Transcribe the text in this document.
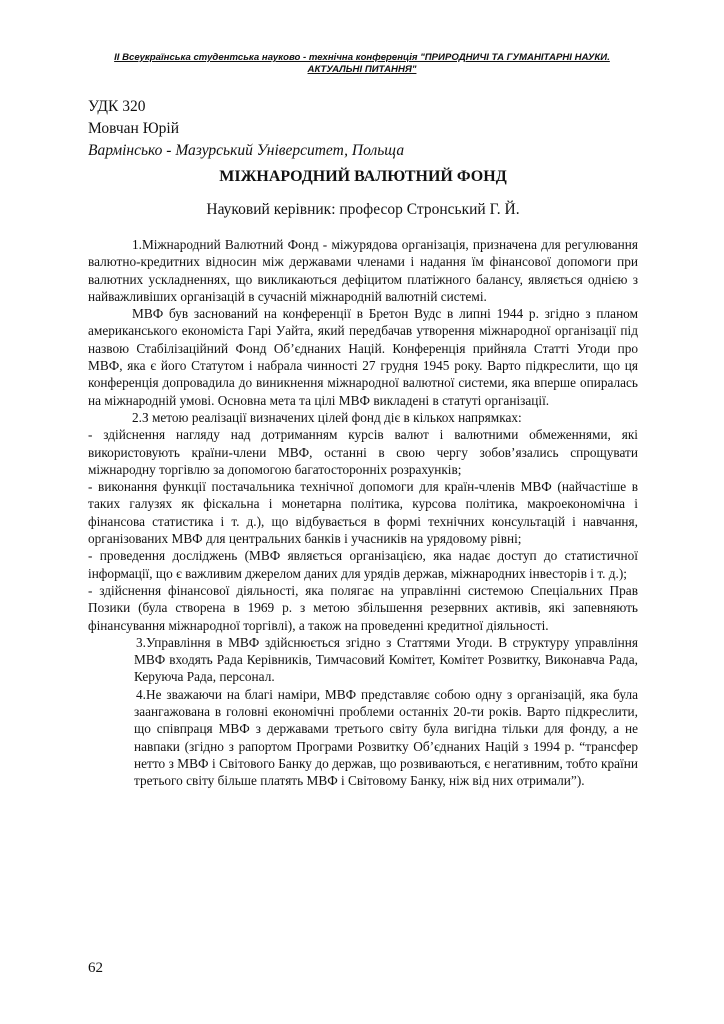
ІІ Всеукраїнська студентська науково - технічна конференція "ПРИРОДНИЧІ ТА ГУМАНІТАРНІ НАУКИ.
АКТУАЛЬНІ ПИТАННЯ"
УДК 320
Мовчан Юрій
Вармінсько - Мазурський Університет, Польща
МІЖНАРОДНИЙ ВАЛЮТНИЙ ФОНД
Науковий керівник: професор Стронський Г. Й.

1.Міжнародний Валютний Фонд - міжурядова організація, призначена для регулювання валютно-кредитних відносин між державами членами і надання їм фінансової допомоги при валютних ускладненнях, що викликаються дефіцитом платіжного балансу, являється однією з найважливіших організацій в сучасній міжнародній валютній системі.

МВФ був заснований на конференції в Бретон Вудс в липні 1944 р. згідно з планом американського економіста Гарі Уайта, який передбачав утворення міжнародної організації під назвою Стабілізаційний Фонд Об’єднаних Націй. Конференція прийняла Статті Угоди про МВФ, яка є його Статутом і набрала чинності 27 грудня 1945 року. Варто підкреслити, що ця конференція допровадила до виникнення міжнародної валютної системи, яка вперше опиралась на міжнародній умові. Основна мета та цілі МВФ викладені в статуті організації.

2.З метою реалізації визначених цілей фонд діє в кількох напрямках:

- здійснення нагляду над дотриманням курсів валют і валютними обмеженнями, які використовують країни-члени МВФ, останні в свою чергу зобов’язались спрощувати міжнародну торгівлю за допомогою багатосторонніх розрахунків;

- виконання функції постачальника технічної допомоги для країн-членів МВФ (найчастіше в таких галузях як фіскальна і монетарна політика, курсова політика, макроекономічна і фінансова статистика і т. д.), що відбувається в формі технічних консультацій і навчання, організованих МВФ для центральних банків і учасників на урядовому рівні;

- проведення досліджень (МВФ являється організацією, яка надає доступ до статистичної інформації, що є важливим джерелом даних для урядів держав, міжнародних інвесторів і т. д.);

- здійснення фінансової діяльності, яка полягає на управлінні системою Спеціальних Прав Позики (була створена в 1969 р. з метою збільшення резервних активів, які запевняють фінансування міжнародної торгівлі), а також на проведенні кредитної діяльності.

3.Управління в МВФ здійснюється згідно з Статтями Угоди. В структуру управління МВФ входять Рада Керівників, Тимчасовий Комітет, Комітет Розвитку, Виконавча Рада, Керуюча Рада, персонал.

4.Не зважаючи на благі наміри, МВФ представляє собою одну з організацій, яка була заангажована в головні економічні проблеми останніх 20-ти років. Варто підкреслити, що співпраця МВФ з державами третього світу була вигідна тільки для фонду, а не навпаки (згідно з рапортом Програми Розвитку Об’єднаних Націй з 1994 р. “трансфер нетто з МВФ і Світового Банку до держав, що розвиваються, є негативним, тобто країни третього світу більше платять МВФ і Світовому Банку, ніж від них отримали”).

62
